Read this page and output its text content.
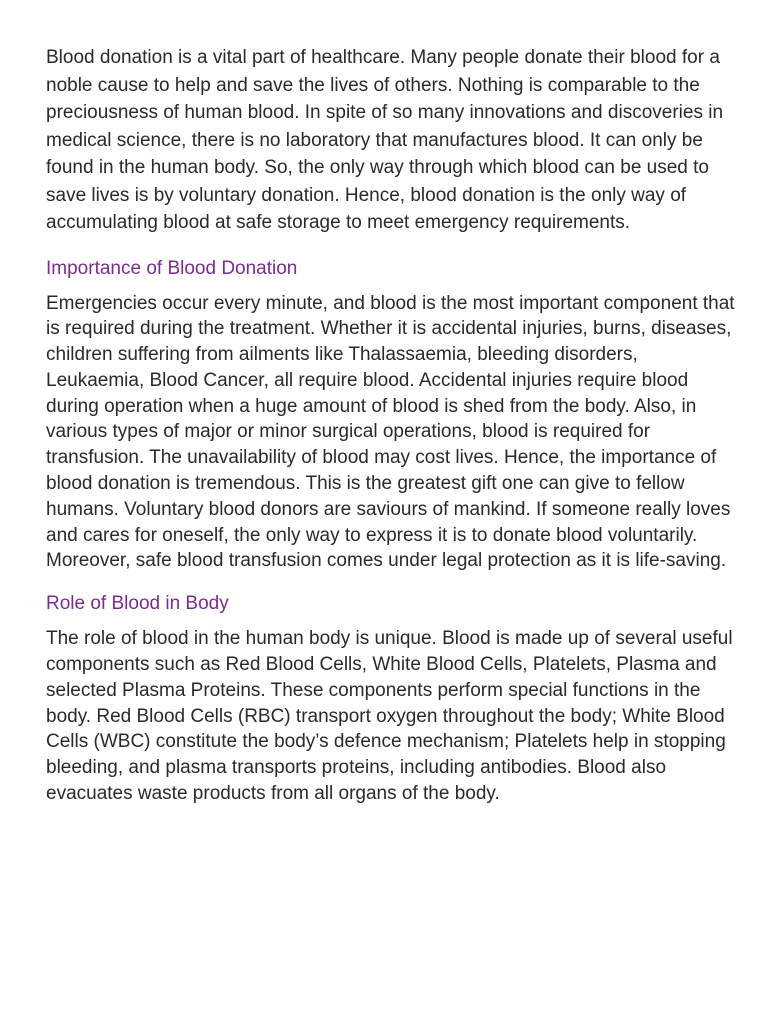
Blood donation is a vital part of healthcare. Many people donate their blood for a noble cause to help and save the lives of others. Nothing is comparable to the preciousness of human blood. In spite of so many innovations and discoveries in medical science, there is no laboratory that manufactures blood. It can only be found in the human body. So, the only way through which blood can be used to save lives is by voluntary donation. Hence, blood donation is the only way of accumulating blood at safe storage to meet emergency requirements.

Importance of Blood Donation

Emergencies occur every minute, and blood is the most important component that is required during the treatment. Whether it is accidental injuries, burns, diseases, children suffering from ailments like Thalassaemia, bleeding disorders, Leukaemia, Blood Cancer, all require blood. Accidental injuries require blood during operation when a huge amount of blood is shed from the body. Also, in various types of major or minor surgical operations, blood is required for transfusion. The unavailability of blood may cost lives. Hence, the importance of blood donation is tremendous. This is the greatest gift one can give to fellow humans. Voluntary blood donors are saviours of mankind. If someone really loves and cares for oneself, the only way to express it is to donate blood voluntarily. Moreover, safe blood transfusion comes under legal protection as it is life-saving.

Role of Blood in Body

The role of blood in the human body is unique. Blood is made up of several useful components such as Red Blood Cells, White Blood Cells, Platelets, Plasma and selected Plasma Proteins. These components perform special functions in the body. Red Blood Cells (RBC) transport oxygen throughout the body; White Blood Cells (WBC) constitute the body’s defence mechanism; Platelets help in stopping bleeding, and plasma transports proteins, including antibodies. Blood also evacuates waste products from all organs of the body.
